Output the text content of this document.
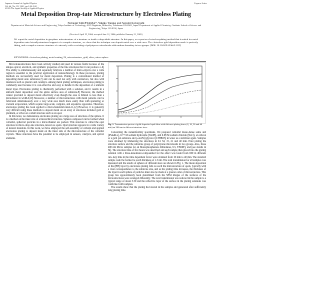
Japanese Journal of Applied Physics
Vol. 44, No. 1B, 2005, pp. L00–L00
#2005 The Japan Society of Applied Physics
Express Letter
Metal Deposition Drop-tate Microstructure by Electroless Plating
Nobuaki TAKEYAMA*, Yukiko Tanaka and Satoshi Kobayashi
Department of Materials Science and Engineering, Tokyo Institute of Technology, 4259 Nagatsuta, Midori-ku, Yokohama 226-8503, Japan. Department of Applied Chemistry, Graduate School of Science and Engineering, Tokyo 152-8550, Japan
(Received April 19, 2004; accepted June 16, 2004; published January 31, 2005)
We report the metal deposition in gas-phase microstructure of a structure or inside a drop-tablet structure. In this paper, we report an electroless-plating method that is suited for metal deposition onto laterally-structured support of a complex structure, we show that the technique can deposit metal over a wide area. The electroless gold deposition mode is perfectly fitting, and a complex concave structure of extremely wide coexisting of polystyrene microbeads with random boundary in two groups. [DOI: 10.1143/JJAP.44.L1113]
KEYWORDS: electroless plating, metal coating, Ni, microstructure, gold, silver, micro sphere

Micro/nanostructures have been actively studied and used in various fields because of the unique optical, electrical, and synthetic properties of the fine structures that it can produce.1–6) The ability to simultaneously and separately fabricate a number of micro-objects over a wide region is essential to the practical application of nanotechnology. In these processes, plating methods are successfully used for metal deposition. Plating is a conventional method of depositing metal onto substrates,7) and can be used not only with conductors, but also with insulators such as plastics and ceramics. Among metal plating techniques, electroless plating is commonly used because it is cost-effective and easy to handle in the deposition of a uniform metal layer. Electroless plating is chemically performed with a solution, and it results in a uniform metal deposition over the entire surface area of substrate.8) However, the method cannot provided to deposit metal effectively even though the area is limited to less than a micrometer in width.9,10) Moreover, a number of microstructures with metal patterns can be fabricated simultaneously over a very wide area much more easily than with sputtering or vacuum evaporation, which require large-scale, complex, and expensive apparatus. Therefore, electroless plating has been applied to micro/nanofabrication.11,12) However, it is generally very difficult using these methods to deposit metal on an array of structures included gold or platinum, or silver on a small structure such as an opal.

In this letter, we demonstrate electroless plating on a large area of structure of the sphere. It is a method on the inner side of a hierarchical structure. Spheres composed can be formed when colloidal, spherical particles in a microchannel are packed. This structure is called the opal structure in micro-drop-tate structure, known as opals. Opal structure appears in a wide variety of natural materials. In this work, we have employed the self-assembly of colloids and applied electroless plating to deposit metal on the inner side of the microstructure of the colloidal crystals. These structures have the potential to be employed in sensors, catalysts, and optical elements.

Fig. 1. Transmission spectra of gold deposited opal films with different plating times (0, 10, 20 and 40 min) on 300 nm to different structure sizes.

Concerning the nonuniformity specimens. We prepared colloidal mono-dense same and (PSA&Ls), 0.77 M sodium hydroxide (NaOH), and 0.08 M sodium chloride (NaCl), on silicon or a gold (on substrate and p-Au/Ni) glycerol (C3H8O3) in water as a stabilizer agent. Samples were obtained by immersing the structures in 0.1 M, 15, 21 and 40 min. Prior plating the structure surface and the substrate group of polystyrene microbeads in two groups. Also, these 400 nm Micro samples for an Monophosphonate dithiolanes, 9.5, TERPP), and (see details in SI). The structure time of five hours was described and each sample then placed into the plating solution with a three-nanometer-compounded for the effect was found from 600 in different run. Any time in the time dependent factor were obtained from 10 min to 40 min. The standard sample could be formed to reach thickness of 1.5 nm. The total transmission for all samples was measured and the results of spheres of different sizes are shown in Fig. 1. The mean deposition of the (BH) layer by electroless plating fails to reach the microstructure of opals, typically with a clear correspondence to the substrate size, and as the plating time increases, the thickness of the layer in each sphere of particles must also be made at a greater order of microstructure. This group has approximately been determined from the SEM images of the surfaces of the microstructures were arranged differently. The total transmission was reduced in the sample to a typical range of about 3.50 and the reflective layer of the surface in the plating solutions was confirmed with samples.

The results show that the plating had started in the samples and generated after sufficiently long plating time.
